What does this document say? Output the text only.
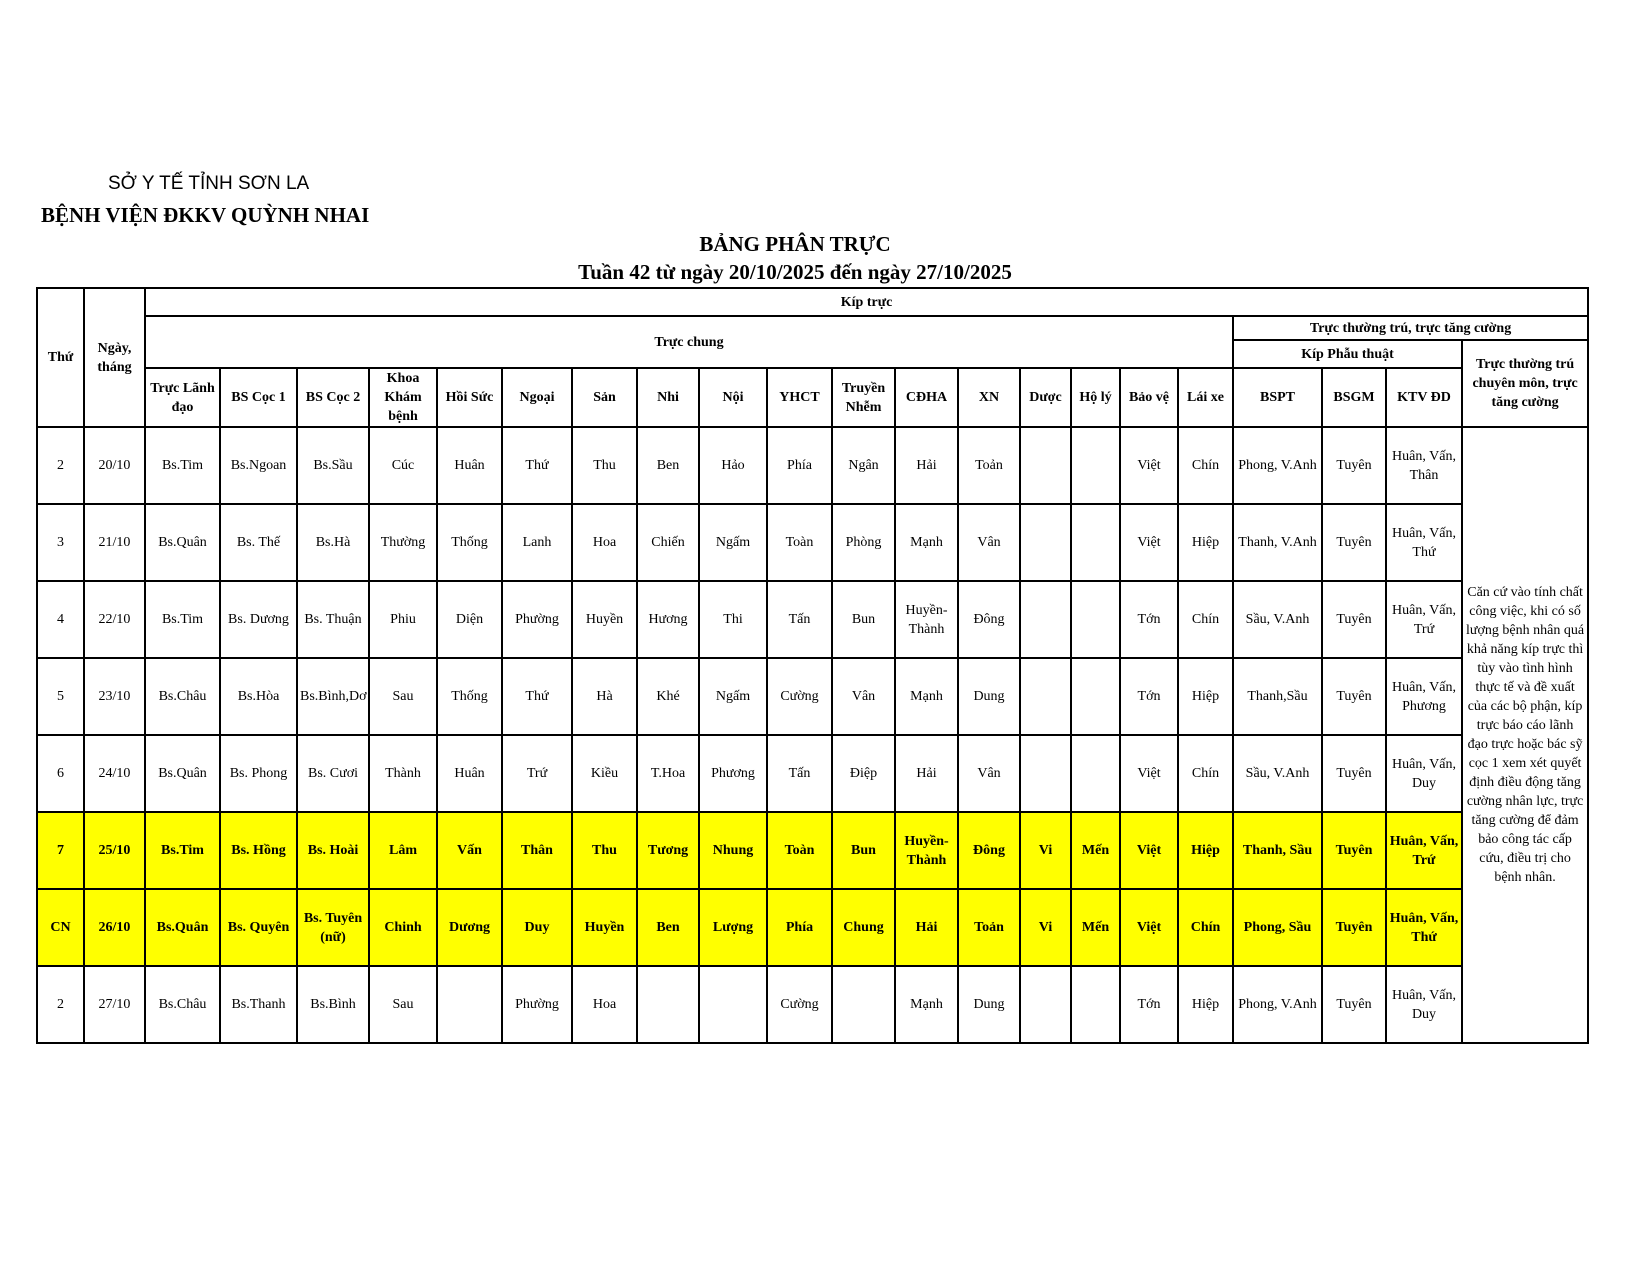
SỞ Y TẾ TỈNH SƠN LA
BỆNH VIỆN ĐKKV QUỲNH NHAI
BẢNG PHÂN TRỰC
Tuần 42 từ ngày 20/10/2025 đến ngày 27/10/2025
Thứ	Ngày, tháng	Kíp trực																				
		Trực chung																	Trực thường trú, trực tăng cường			
																			Kíp Phẫu thuật			Trực thường trú chuyên môn, trực tăng cường
		Trực Lãnh đạo	BS Cọc 1	BS Cọc 2	Khoa Khám bệnh	Hồi Sức	Ngoại	Sản	Nhi	Nội	YHCT	Truyền Nhễm	CĐHA	XN	Dược	Hộ lý	Bảo vệ	Lái xe	BSPT	BSGM	KTV ĐD	
2	20/10	Bs.Tim	Bs.Ngoan	Bs.Sầu	Cúc	Huân	Thứ	Thu	Ben	Hảo	Phía	Ngân	Hải	Toản			Việt	Chín	Phong, V.Anh	Tuyên	Huân, Vấn, Thân	Căn cứ vào tính chất công việc, khi có số lượng bệnh nhân quá khả năng kíp trực thì tùy vào tình hình thực tế và đề xuất của các bộ phận, kíp trực báo cáo lãnh đạo trực hoặc bác sỹ cọc 1 xem xét quyết định điều động tăng cường nhân lực, trực tăng cường để đảm bảo công tác cấp cứu, điều trị cho bệnh nhân.
3	21/10	Bs.Quân	Bs. Thế	Bs.Hà	Thường	Thống	Lanh	Hoa	Chiến	Ngấm	Toàn	Phòng	Mạnh	Vân			Việt	Hiệp	Thanh, V.Anh	Tuyên	Huân, Vấn, Thứ	
4	22/10	Bs.Tim	Bs. Dương	Bs. Thuận	Phiu	Diện	Phường	Huyền	Hương	Thi	Tấn	Bun	Huyền-Thành	Đông			Tớn	Chín	Sầu, V.Anh	Tuyên	Huân, Vấn, Trứ	
5	23/10	Bs.Châu	Bs.Hòa	Bs.Bình,Dơ	Sau	Thống	Thứ	Hà	Khé	Ngấm	Cường	Vân	Mạnh	Dung			Tớn	Hiệp	Thanh,Sầu	Tuyên	Huân, Vấn, Phương	
6	24/10	Bs.Quân	Bs. Phong	Bs. Cươi	Thành	Huân	Trứ	Kiều	T.Hoa	Phương	Tấn	Điệp	Hải	Vân			Việt	Chín	Sầu, V.Anh	Tuyên	Huân, Vấn, Duy	
7	25/10	Bs.Tim	Bs. Hồng	Bs. Hoài	Lâm	Vấn	Thân	Thu	Tương	Nhung	Toàn	Bun	Huyền-Thành	Đông	Vi	Mến	Việt	Hiệp	Thanh, Sầu	Tuyên	Huân, Vấn, Trứ	
CN	26/10	Bs.Quân	Bs. Quyên	Bs. Tuyên (nữ)	Chinh	Dương	Duy	Huyền	Ben	Lượng	Phía	Chung	Hải	Toản	Vi	Mến	Việt	Chín	Phong, Sầu	Tuyên	Huân, Vấn, Thứ	
2	27/10	Bs.Châu	Bs.Thanh	Bs.Bình	Sau		Phường	Hoa			Cường		Mạnh	Dung			Tớn	Hiệp	Phong, V.Anh	Tuyên	Huân, Vấn, Duy	
